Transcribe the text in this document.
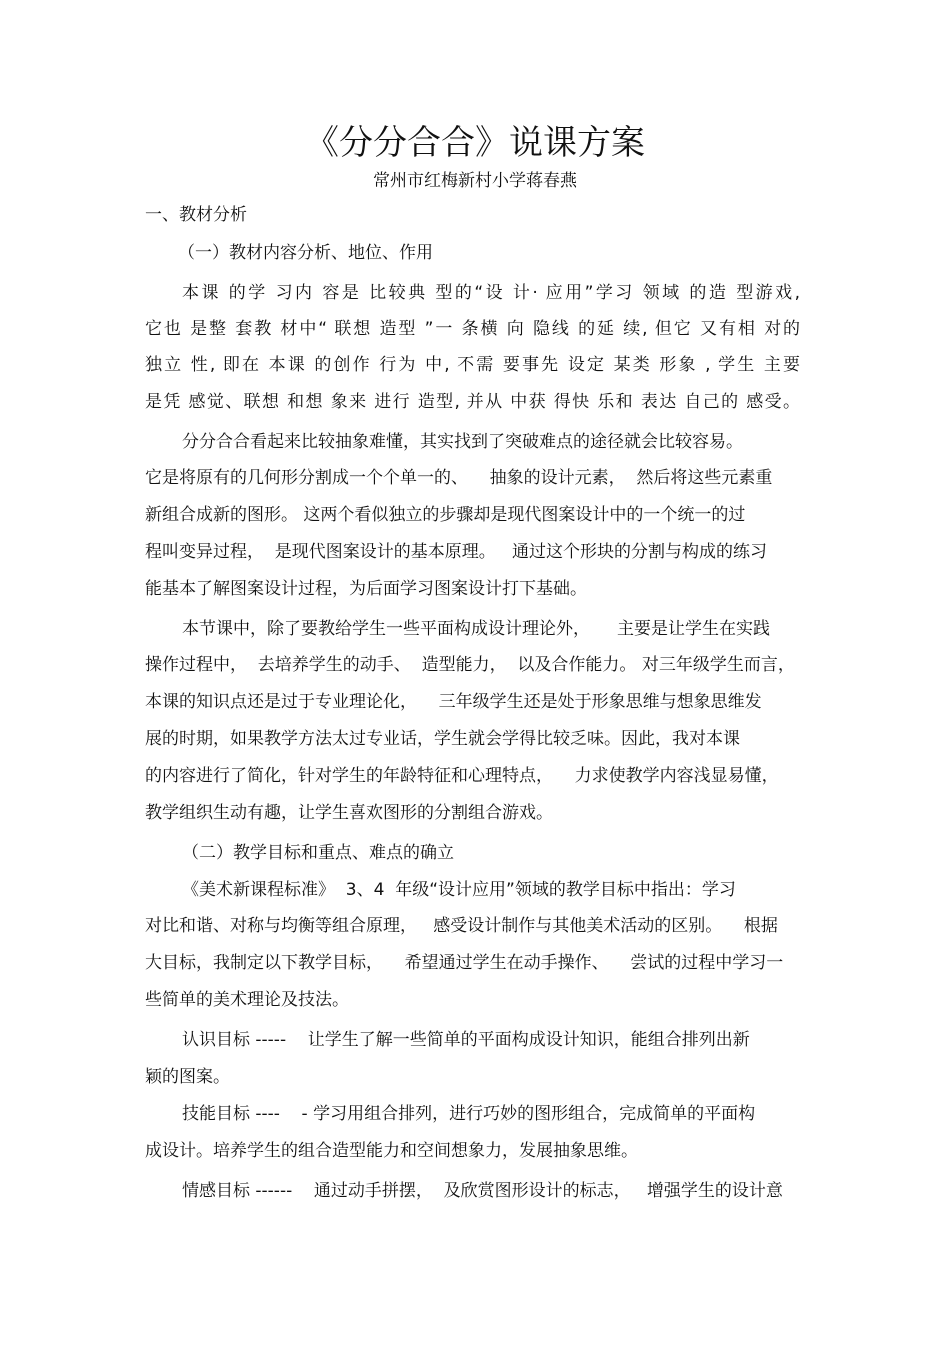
《分分合合》说课方案
常州市红梅新村小学蒋春燕
一、教材分析
（一）教材内容分析、地位、作用
本课 的学 习内 容是 比较典 型的“设 计· 应用”学习 领域 的造 型游戏,
它也 是整 套教 材中“ 联想 造型 ”一 条横 向 隐线 的延 续, 但它 又有相 对的
独立 性, 即在 本课 的创作 行为 中, 不需 要事先 设定 某类 形象 , 学生 主要
是凭 感觉、联想 和想 象来 进行 造型, 并从 中获 得快 乐和 表达 自己的 感受。
分分合合看起来比较抽象难懂，其实找到了突破难点的途径就会比较容易。
它是将原有的几何形分割成一个个单一的、    抽象的设计元素，  然后将这些元素重
新组合成新的图形。 这两个看似独立的步骤却是现代图案设计中的一个统一的过
程叫变异过程，  是现代图案设计的基本原理。   通过这个形块的分割与构成的练习
能基本了解图案设计过程，为后面学习图案设计打下基础。
本节课中，除了要教给学生一些平面构成设计理论外，     主要是让学生在实践
操作过程中，  去培养学生的动手、  造型能力，  以及合作能力。 对三年级学生而言，
本课的知识点还是过于专业理论化，    三年级学生还是处于形象思维与想象思维发
展的时期，如果教学方法太过专业话，学生就会学得比较乏味。因此，我对本课
的内容进行了简化，针对学生的年龄特征和心理特点，    力求使教学内容浅显易懂，
教学组织生动有趣，让学生喜欢图形的分割组合游戏。
（二）教学目标和重点、难点的确立
《美术新课程标准》  3、4  年级“设计应用”领域的教学目标中指出：学习
对比和谐、对称与均衡等组合原理，   感受设计制作与其他美术活动的区别。    根据
大目标，我制定以下教学目标，    希望通过学生在动手操作、    尝试的过程中学习一
些简单的美术理论及技法。
认识目标 -----    让学生了解一些简单的平面构成设计知识，能组合排列出新
颖的图案。
技能目标 ----    - 学习用组合排列，进行巧妙的图形组合，完成简单的平面构
成设计。培养学生的组合造型能力和空间想象力，发展抽象思维。
情感目标 ------    通过动手拼摆，  及欣赏图形设计的标志，   增强学生的设计意
